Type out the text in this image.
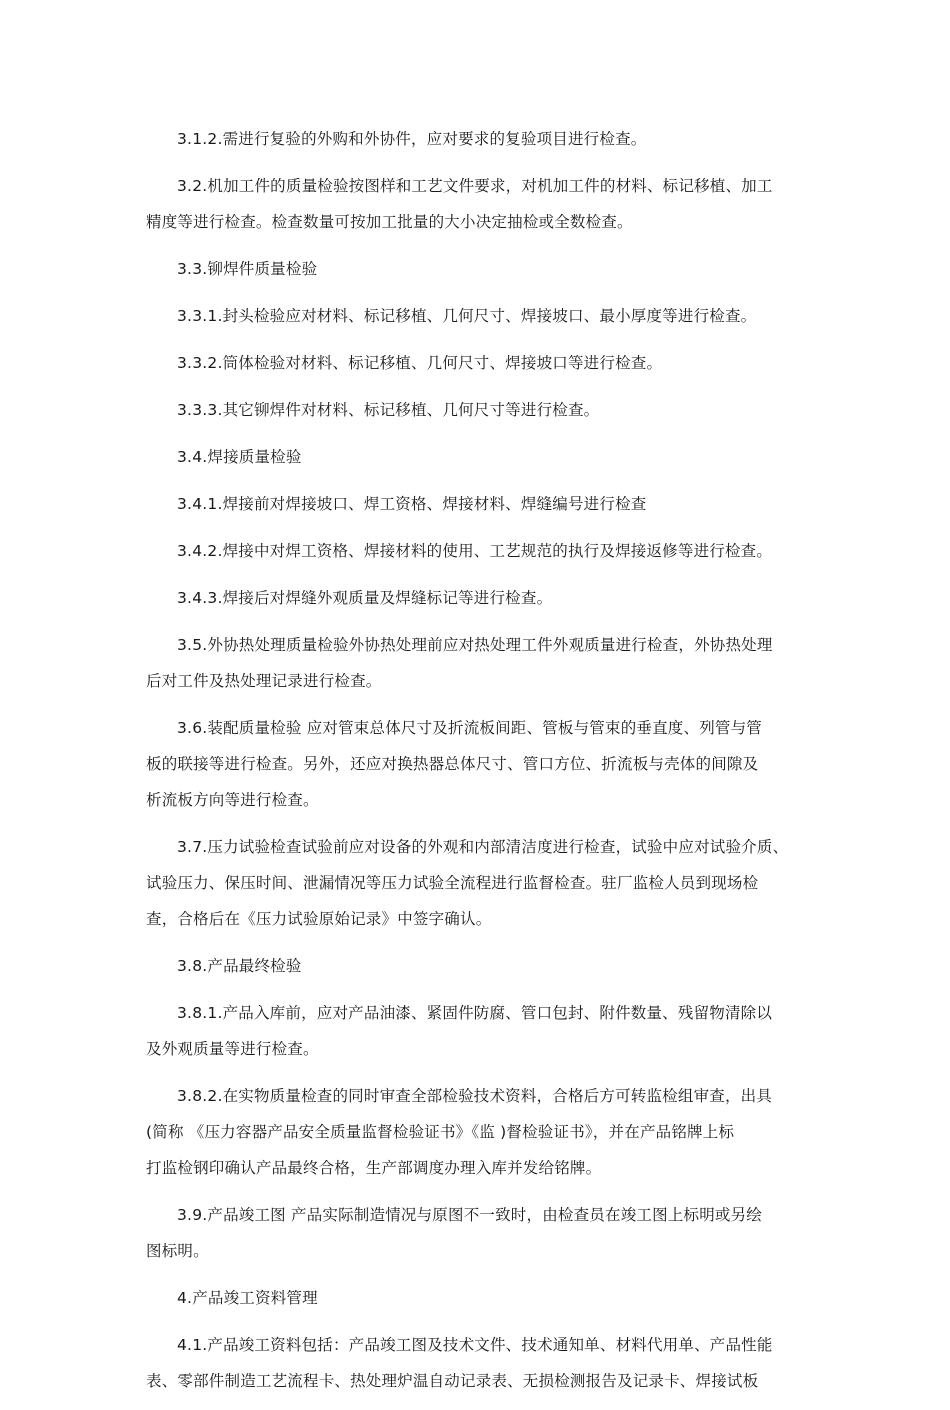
3.1.2.需进行复验的外购和外协件，应对要求的复验项目进行检查。

3.2.机加工件的质量检验按图样和工艺文件要求，对机加工件的材料、标记移植、加工
精度等进行检查。检查数量可按加工批量的大小决定抽检或全数检查。

3.3.铆焊件质量检验

3.3.1.封头检验应对材料、标记移植、几何尺寸、焊接坡口、最小厚度等进行检查。

3.3.2.筒体检验对材料、标记移植、几何尺寸、焊接坡口等进行检查。

3.3.3.其它铆焊件对材料、标记移植、几何尺寸等进行检查。

3.4.焊接质量检验

3.4.1.焊接前对焊接坡口、焊工资格、焊接材料、焊缝编号进行检查

3.4.2.焊接中对焊工资格、焊接材料的使用、工艺规范的执行及焊接返修等进行检查。

3.4.3.焊接后对焊缝外观质量及焊缝标记等进行检查。

3.5.外协热处理质量检验外协热处理前应对热处理工件外观质量进行检查，外协热处理
后对工件及热处理记录进行检查。

3.6.装配质量检验 应对管束总体尺寸及折流板间距、管板与管束的垂直度、列管与管
板的联接等进行检查。另外，还应对换热器总体尺寸、管口方位、折流板与壳体的间隙及
析流板方向等进行检查。

3.7.压力试验检查试验前应对设备的外观和内部清洁度进行检查，试验中应对试验介质、
试验压力、保压时间、泄漏情况等压力试验全流程进行监督检查。驻厂监检人员到现场检
查，合格后在《压力试验原始记录》中签字确认。

3.8.产品最终检验

3.8.1.产品入库前，应对产品油漆、紧固件防腐、管口包封、附件数量、残留物清除以
及外观质量等进行检查。

3.8.2.在实物质量检查的同时审查全部检验技术资料，合格后方可转监检组审查，出具
(简称 《压力容器产品安全质量监督检验证书》《监 )督检验证书》，并在产品铭牌上标
打监检钢印确认产品最终合格，生产部调度办理入库并发给铭牌。

3.9.产品竣工图 产品实际制造情况与原图不一致时，由检查员在竣工图上标明或另绘
图标明。

4.产品竣工资料管理

4.1.产品竣工资料包括：产品竣工图及技术文件、技术通知单、材料代用单、产品性能
表、零部件制造工艺流程卡、热处理炉温自动记录表、无损检测报告及记录卡、焊接试板
